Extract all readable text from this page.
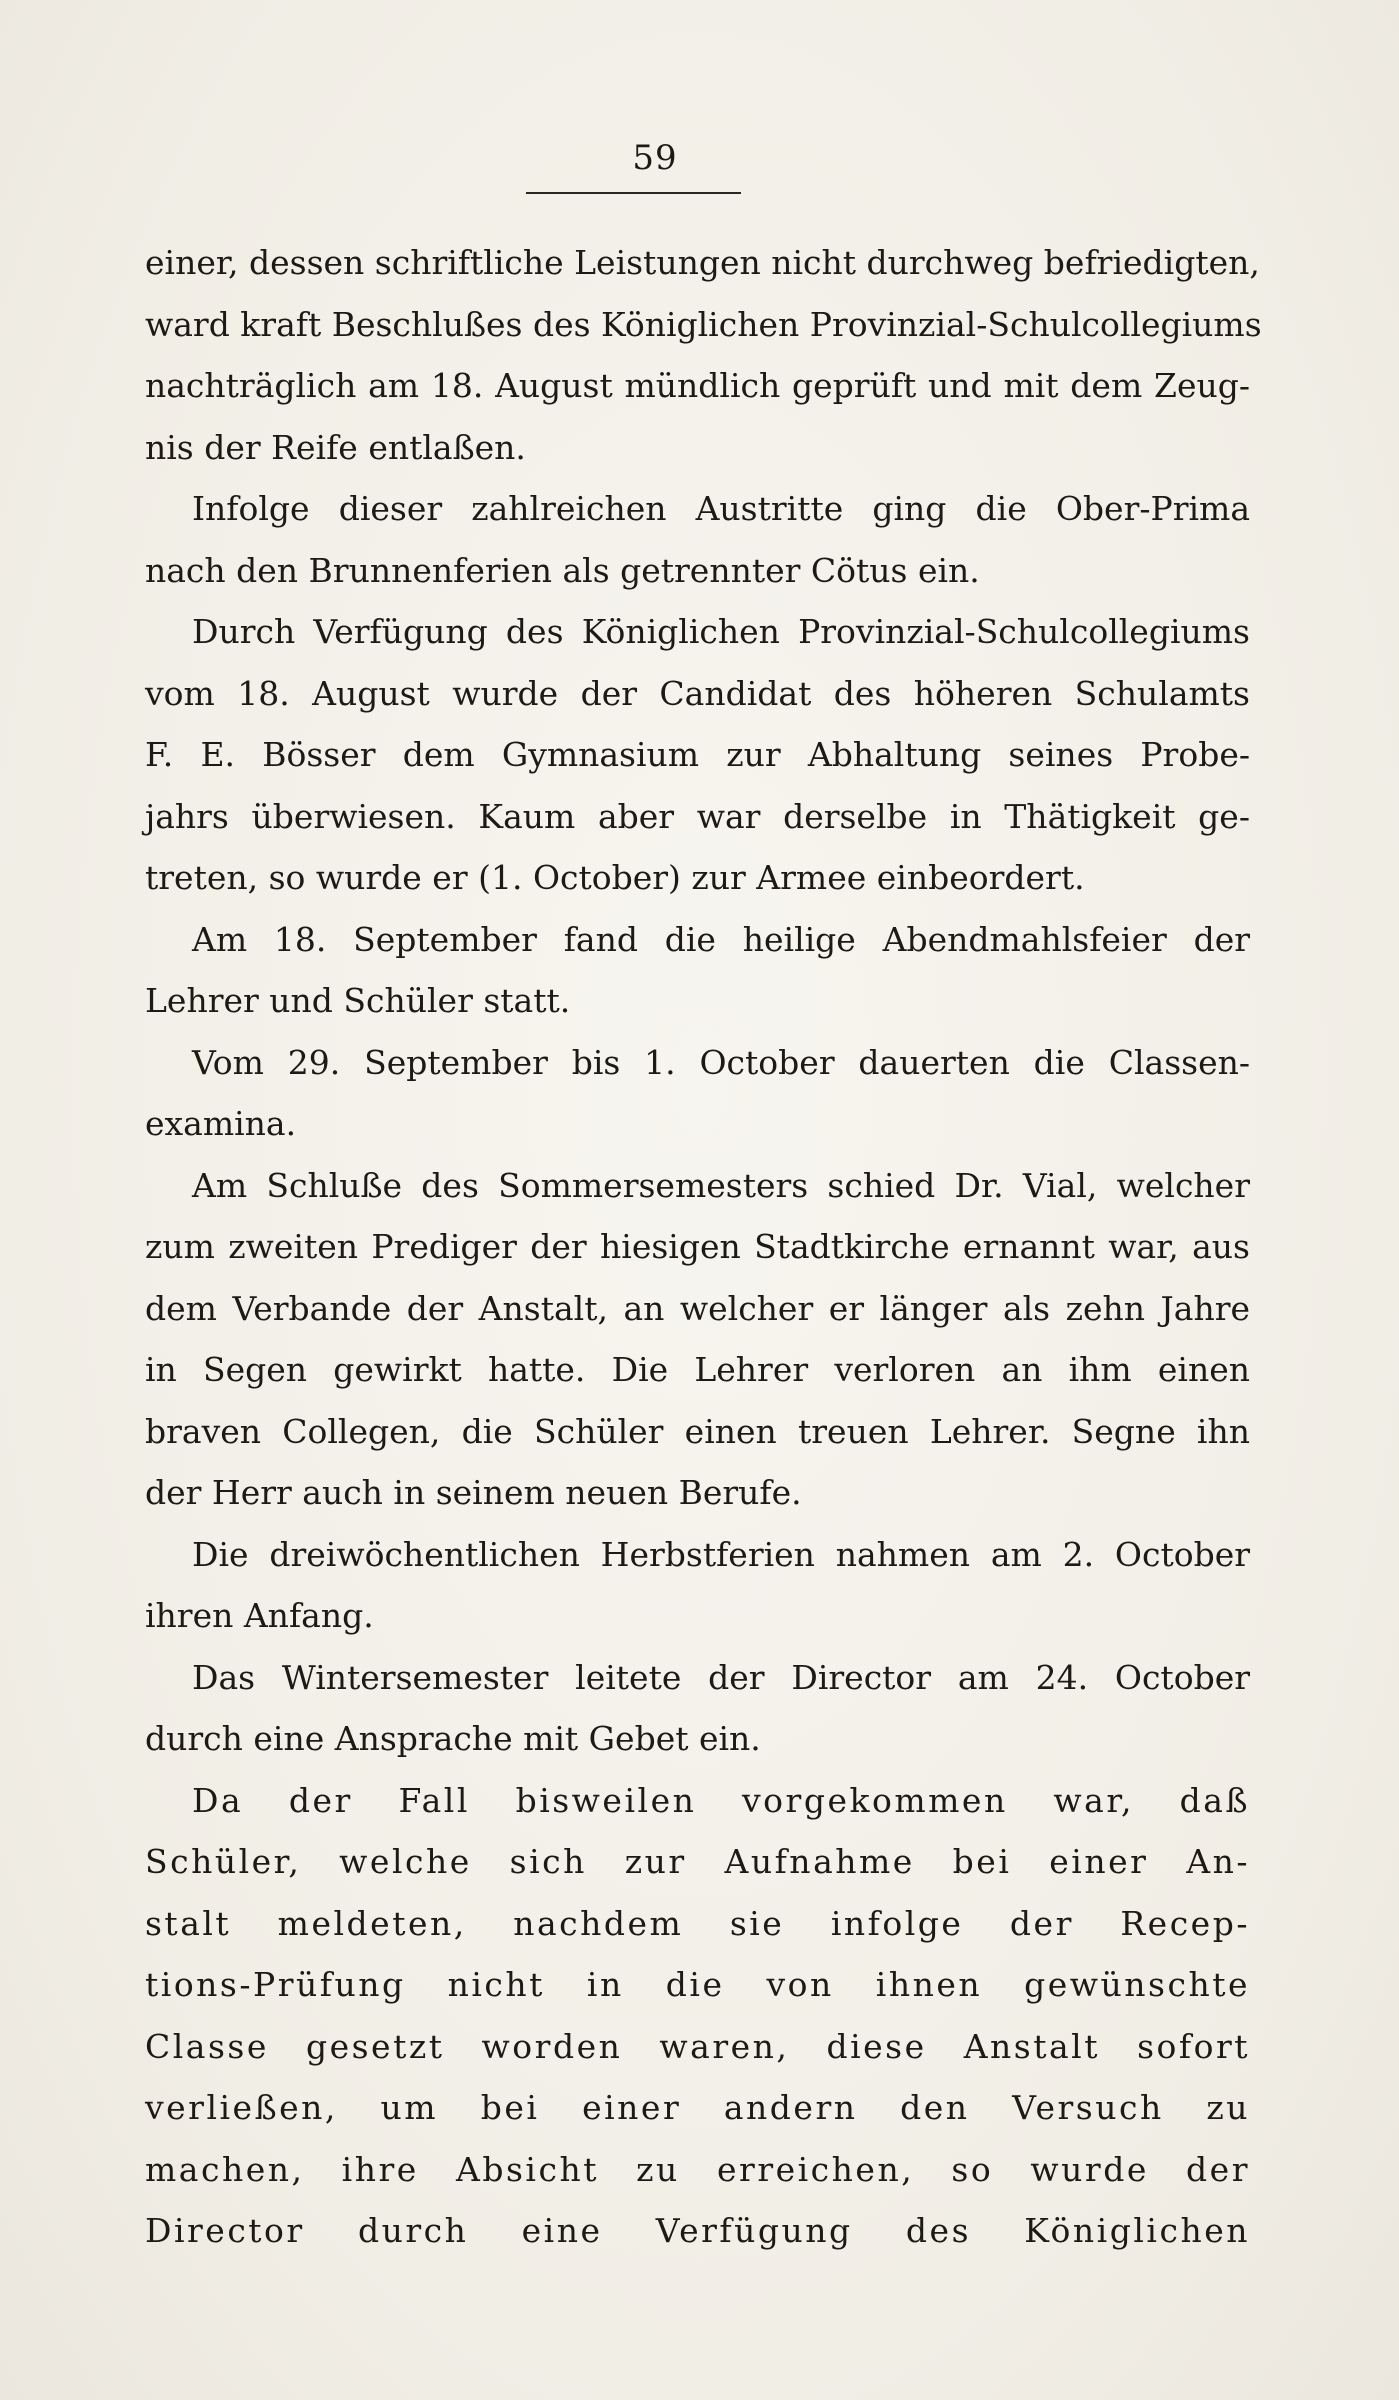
59
einer, dessen schriftliche Leistungen nicht durchweg befriedigten,
ward kraft Beschlußes des Königlichen Provinzial-Schulcollegiums
nachträglich am 18. August mündlich geprüft und mit dem Zeug-
nis der Reife entlaßen.
Infolge dieser zahlreichen Austritte ging die Ober-Prima
nach den Brunnenferien als getrennter Cötus ein.
Durch Verfügung des Königlichen Provinzial-Schulcollegiums
vom 18. August wurde der Candidat des höheren Schulamts
F. E. Bösser dem Gymnasium zur Abhaltung seines Probe-
jahrs überwiesen. Kaum aber war derselbe in Thätigkeit ge-
treten, so wurde er (1. October) zur Armee einbeordert.
Am 18. September fand die heilige Abendmahlsfeier der
Lehrer und Schüler statt.
Vom 29. September bis 1. October dauerten die Classen-
examina.
Am Schluße des Sommersemesters schied Dr. Vial, welcher
zum zweiten Prediger der hiesigen Stadtkirche ernannt war, aus
dem Verbande der Anstalt, an welcher er länger als zehn Jahre
in Segen gewirkt hatte. Die Lehrer verloren an ihm einen
braven Collegen, die Schüler einen treuen Lehrer. Segne ihn
der Herr auch in seinem neuen Berufe.
Die dreiwöchentlichen Herbstferien nahmen am 2. October
ihren Anfang.
Das Wintersemester leitete der Director am 24. October
durch eine Ansprache mit Gebet ein.
Da der Fall bisweilen vorgekommen war, daß
Schüler, welche sich zur Aufnahme bei einer An-
stalt meldeten, nachdem sie infolge der Recep-
tions-Prüfung nicht in die von ihnen gewünschte
Classe gesetzt worden waren, diese Anstalt sofort
verließen, um bei einer andern den Versuch zu
machen, ihre Absicht zu erreichen, so wurde der
Director durch eine Verfügung des Königlichen
